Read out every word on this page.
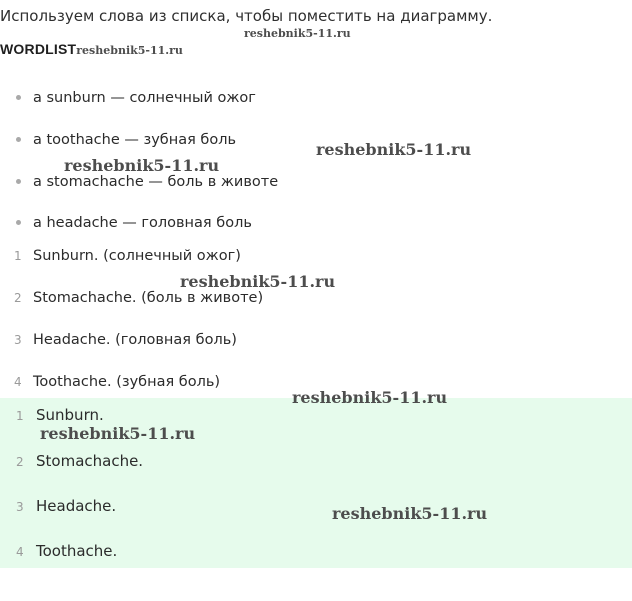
Используем слова из списка, чтобы поместить на диаграмму.
reshebnik5-11.ru
WORDLISTreshebnik5-11.ru
a sunburn — солнечный ожог
a toothache — зубная боль
a stomachache — боль в животе
a headache — головная боль
reshebnik5-11.ru
reshebnik5-11.ru
1 Sunburn. (солнечный ожог)
2 Stomachache. (боль в животе)
3 Headache. (головная боль)
4 Toothache. (зубная боль)
reshebnik5-11.ru
1 Sunburn.
2 Stomachache.
3 Headache.
4 Toothache.
reshebnik5-11.ru
reshebnik5-11.ru
reshebnik5-11.ru
